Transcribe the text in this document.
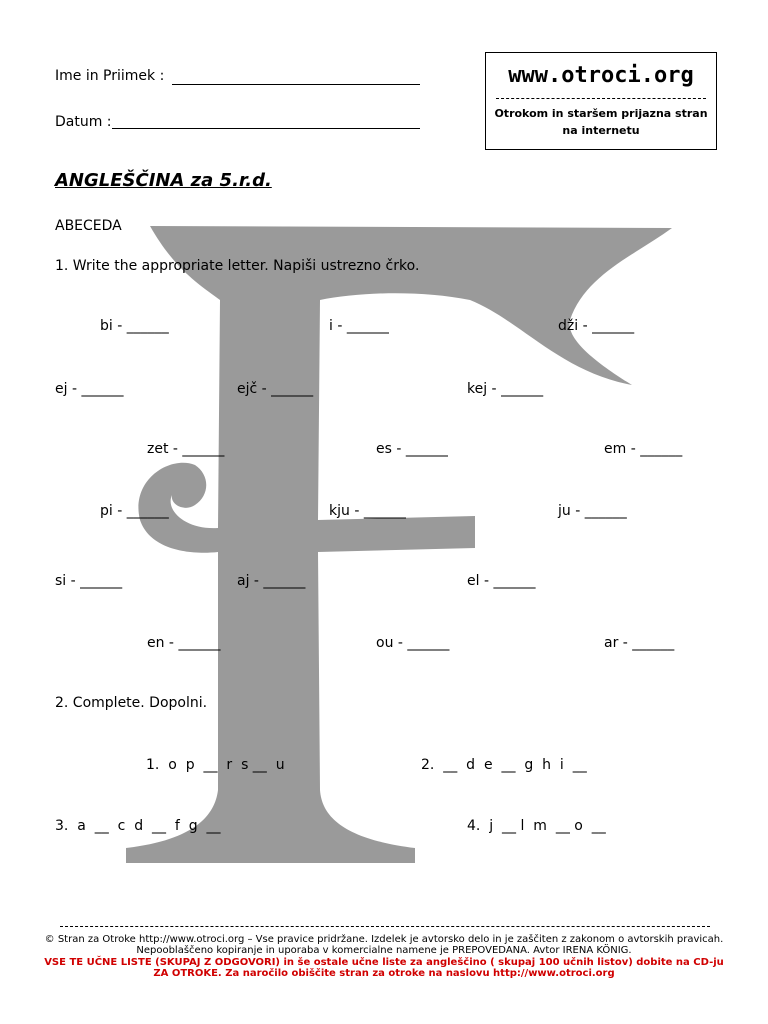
Ime in Priimek :
Datum :
www.otroci.org
Otrokom in staršem prijazna stran na internetu
ANGLEŠČINA za 5.r.d.
ABECEDA
1. Write the appropriate letter. Napiši ustrezno črko.
bi - ______	i - ______	dži - ______
ej - ______	ejč - ______	kej - ______
zet - ______	es - ______	em - ______
pi - ______	kju - ______	ju - ______
si - ______	aj - ______	el - ______
en - ______	ou - ______	ar - ______
2. Complete. Dopolni.
1.  o  p  __  r  s __  u	2.  __  d  e  __  g  h  i  __
3.  a  __  c  d  __  f  g  __	4.  j  __ l  m  __ o  __
© Stran za Otroke http://www.otroci.org – Vse pravice pridržane. Izdelek je avtorsko delo in je zaščiten z zakonom o avtorskih pravicah. Nepooblaščeno kopiranje in uporaba v komercialne namene je PREPOVEDANA. Avtor IRENA KÖNIG.
VSE TE UČNE LISTE (SKUPAJ Z ODGOVORI) in še ostale učne liste za angleščino ( skupaj 100 učnih listov) dobite na CD-ju ZA OTROKE. Za naročilo obiščite stran za otroke na naslovu http://www.otroci.org
